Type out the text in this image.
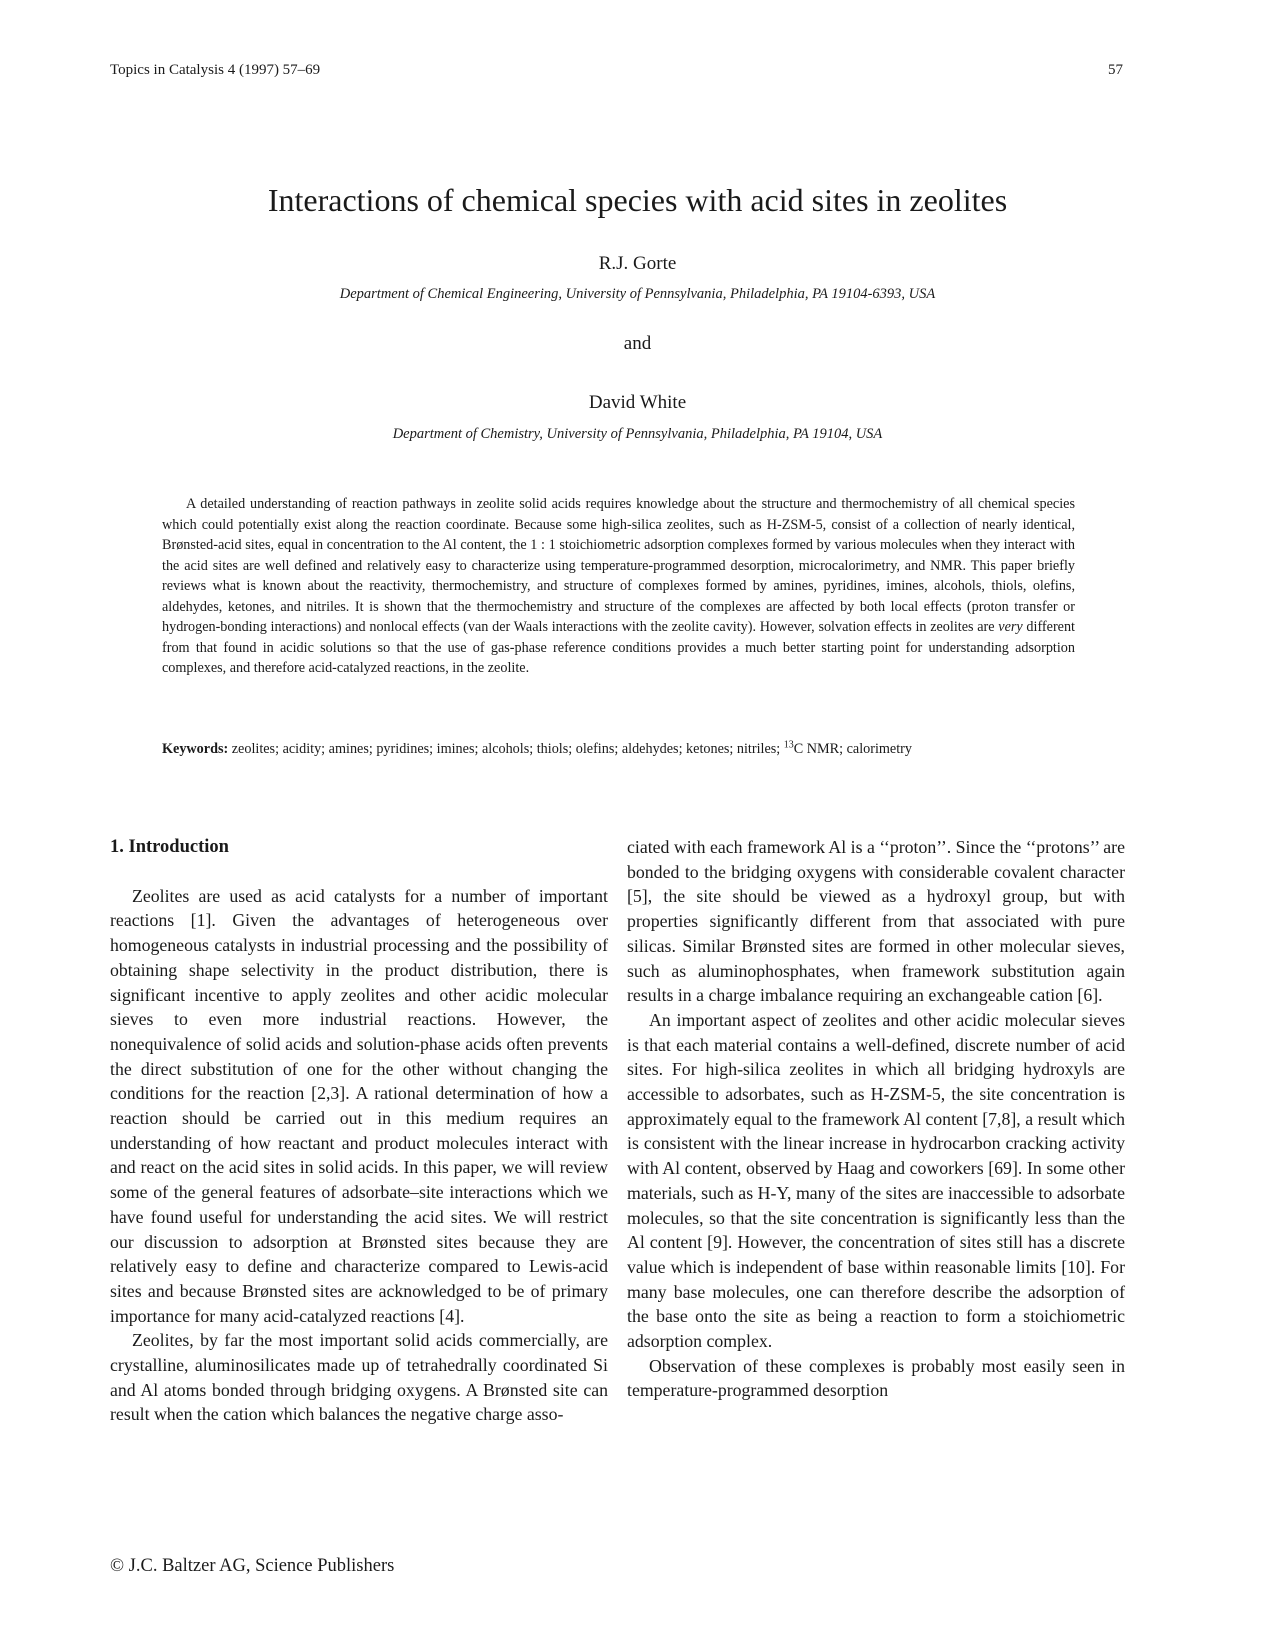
Topics in Catalysis 4 (1997) 57–69	57
Interactions of chemical species with acid sites in zeolites
R.J. Gorte
Department of Chemical Engineering, University of Pennsylvania, Philadelphia, PA 19104-6393, USA
and
David White
Department of Chemistry, University of Pennsylvania, Philadelphia, PA 19104, USA

A detailed understanding of reaction pathways in zeolite solid acids requires knowledge about the structure and thermochemistry of all chemical species which could potentially exist along the reaction coordinate. Because some high-silica zeolites, such as H-ZSM-5, consist of a collection of nearly identical, Brønsted-acid sites, equal in concentration to the Al content, the 1 : 1 stoichiometric adsorption complexes formed by various molecules when they interact with the acid sites are well defined and relatively easy to characterize using temperature-programmed desorption, microcalorimetry, and NMR. This paper briefly reviews what is known about the reactivity, thermochemistry, and structure of complexes formed by amines, pyridines, imines, alcohols, thiols, olefins, aldehydes, ketones, and nitriles. It is shown that the thermochemistry and structure of the complexes are affected by both local effects (proton transfer or hydrogen-bonding interactions) and nonlocal effects (van der Waals interactions with the zeolite cavity). However, solvation effects in zeolites are very different from that found in acidic solutions so that the use of gas-phase reference conditions provides a much better starting point for understanding adsorption complexes, and therefore acid-catalyzed reactions, in the zeolite.

Keywords: zeolites; acidity; amines; pyridines; imines; alcohols; thiols; olefins; aldehydes; ketones; nitriles; $^{13}$C NMR; calorimetry
1. Introduction

Zeolites are used as acid catalysts for a number of important reactions [1]. Given the advantages of heterogeneous over homogeneous catalysts in industrial processing and the possibility of obtaining shape selectivity in the product distribution, there is significant incentive to apply zeolites and other acidic molecular sieves to even more industrial reactions. However, the nonequivalence of solid acids and solution-phase acids often prevents the direct substitution of one for the other without changing the conditions for the reaction [2,3]. A rational determination of how a reaction should be carried out in this medium requires an understanding of how reactant and product molecules interact with and react on the acid sites in solid acids. In this paper, we will review some of the general features of adsorbate–site interactions which we have found useful for understanding the acid sites. We will restrict our discussion to adsorption at Brønsted sites because they are relatively easy to define and characterize compared to Lewis-acid sites and because Brønsted sites are acknowledged to be of primary importance for many acid-catalyzed reactions [4].

Zeolites, by far the most important solid acids commercially, are crystalline, aluminosilicates made up of tetrahedrally coordinated Si and Al atoms bonded through bridging oxygens. A Brønsted site can result when the cation which balances the negative charge asso-

ciated with each framework Al is a ‘‘proton’’. Since the ‘‘protons’’ are bonded to the bridging oxygens with considerable covalent character [5], the site should be viewed as a hydroxyl group, but with properties significantly different from that associated with pure silicas. Similar Brønsted sites are formed in other molecular sieves, such as aluminophosphates, when framework substitution again results in a charge imbalance requiring an exchangeable cation [6].

An important aspect of zeolites and other acidic molecular sieves is that each material contains a well-defined, discrete number of acid sites. For high-silica zeolites in which all bridging hydroxyls are accessible to adsorbates, such as H-ZSM-5, the site concentration is approximately equal to the framework Al content [7,8], a result which is consistent with the linear increase in hydrocarbon cracking activity with Al content, observed by Haag and coworkers [69]. In some other materials, such as H-Y, many of the sites are inaccessible to adsorbate molecules, so that the site concentration is significantly less than the Al content [9]. However, the concentration of sites still has a discrete value which is independent of base within reasonable limits [10]. For many base molecules, one can therefore describe the adsorption of the base onto the site as being a reaction to form a stoichiometric adsorption complex.

Observation of these complexes is probably most easily seen in temperature-programmed desorption

© J.C. Baltzer AG, Science Publishers
